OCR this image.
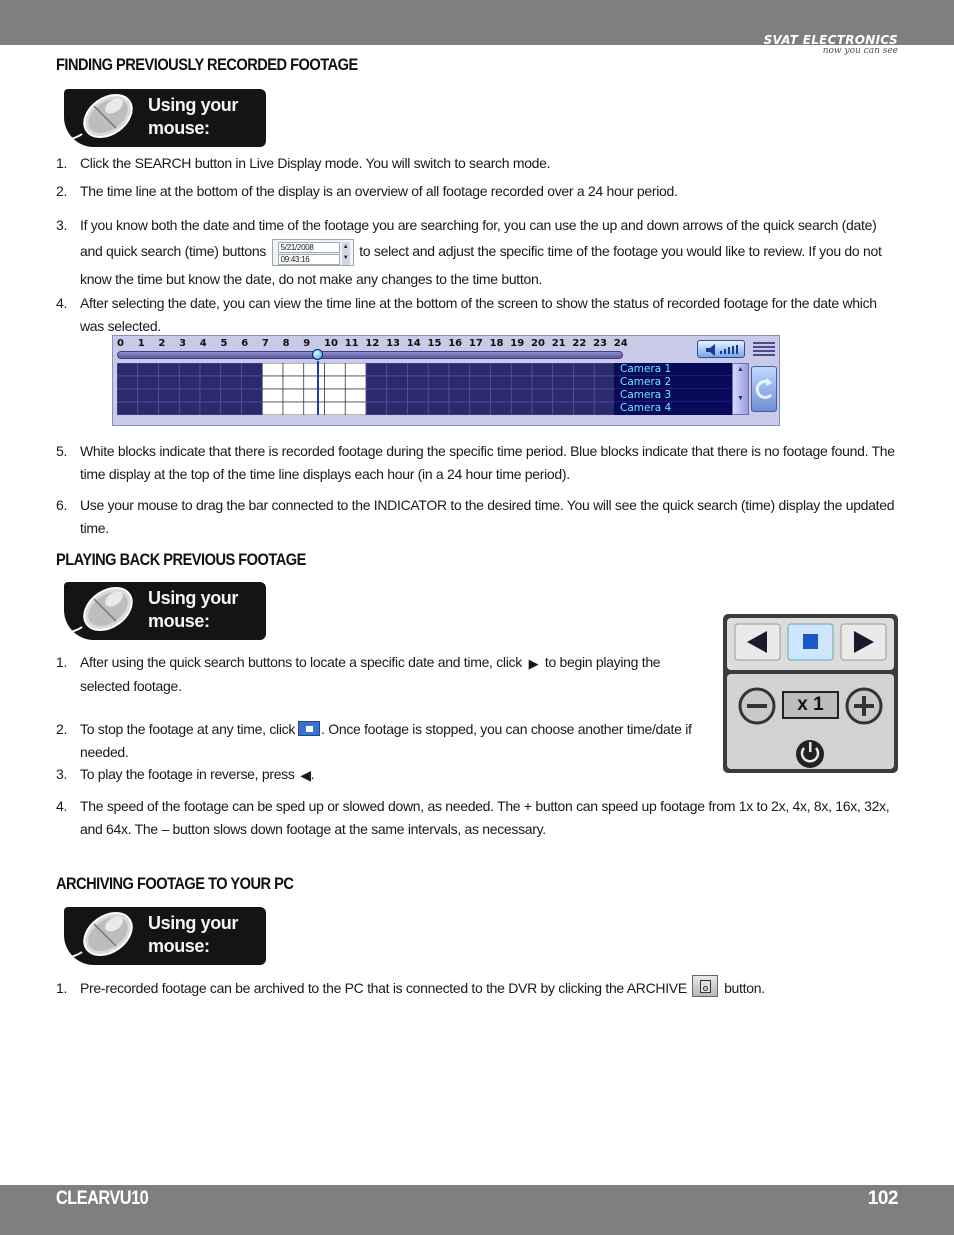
SVAT ELECTRONICS
now you can see
FINDING PREVIOUSLY RECORDED FOOTAGE
Using your
mouse:
1. Click the SEARCH button in Live Display mode. You will switch to search mode.
2. The time line at the bottom of the display is an overview of all footage recorded over a 24 hour period.
3. If you know both the date and time of the footage you are searching for, you can use the up and down arrows of the quick search (date) and quick search (time) buttons	5/21/2008
09:43:16
▲
▼ to select and adjust the specific time of the footage you would like to review. If you do not know the time but know the date, do not make any changes to the time button.
4. After selecting the date, you can view the time line at the bottom of the screen to show the status of recorded footage for the date which was selected.
0 1 2 3 4 5 6 7 8 9 10 11 12 13 14 15 16 17 18 19 20 21 22 23 24
Camera 1
Camera 2
Camera 3
Camera 4
▲
▼
5. White blocks indicate that there is recorded footage during the specific time period. Blue blocks indicate that there is no footage found. The time display at the top of the time line displays each hour (in a 24 hour time period).
6. Use your mouse to drag the bar connected to the INDICATOR to the desired time. You will see the quick search (time) display the updated time.
PLAYING BACK PREVIOUS FOOTAGE
Using your
mouse:
x 1
1. After using the quick search buttons to locate a specific date and time, click ▶ to begin playing the selected footage.
2. To stop the footage at any time, click . Once footage is stopped, you can choose another time/date if needed.
3. To play the footage in reverse, press ◀.
4. The speed of the footage can be sped up or slowed down, as needed. The + button can speed up footage from 1x to 2x, 4x, 8x, 16x, 32x, and 64x. The – button slows down footage at the same intervals, as necessary.
ARCHIVING FOOTAGE TO YOUR PC
Using your
mouse:
1. Pre-recorded footage can be archived to the PC that is connected to the DVR by clicking the ARCHIVE	button.
CLEARVU10	102
